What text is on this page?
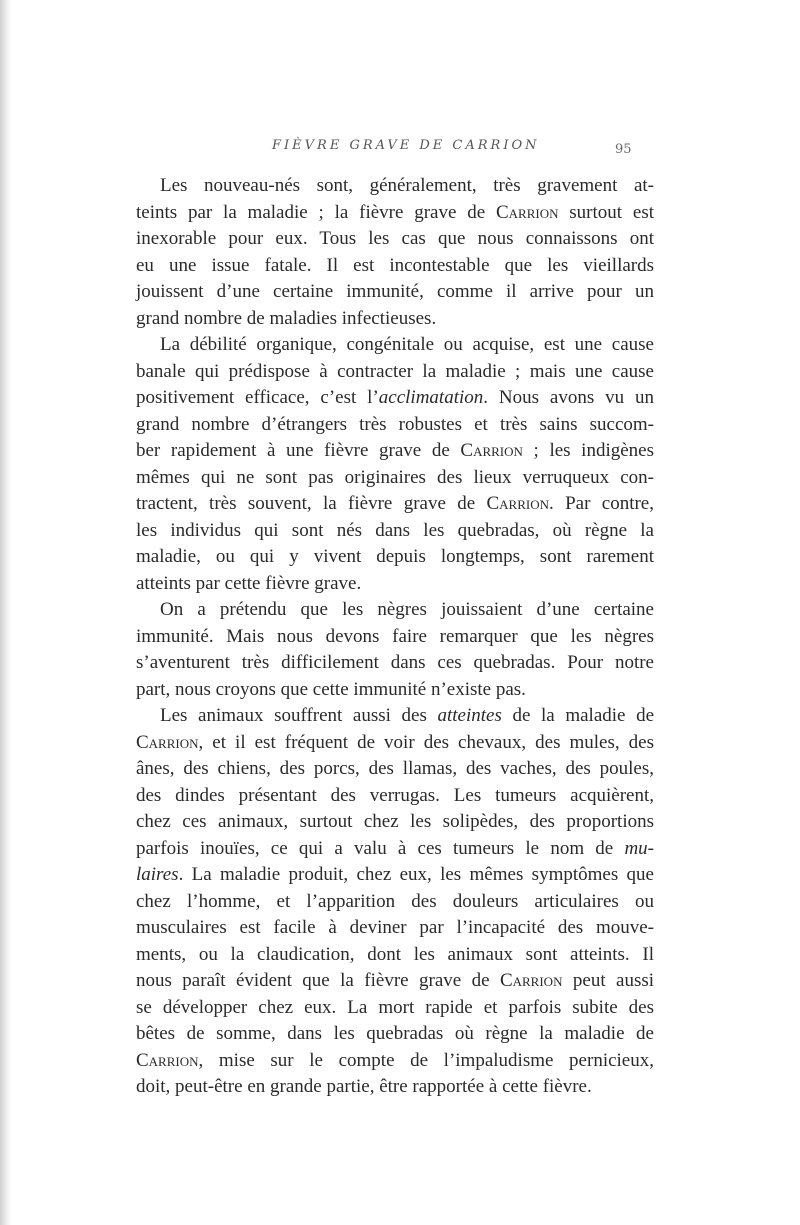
FIÈVRE GRAVE DE CARRION	95

Les nouveau-nés sont, généralement, très gravement at-
teints par la maladie ; la fièvre grave de Carrion surtout est
inexorable pour eux. Tous les cas que nous connaissons ont
eu une issue fatale. Il est incontestable que les vieillards
jouissent d’une certaine immunité, comme il arrive pour un
grand nombre de maladies infectieuses.

La débilité organique, congénitale ou acquise, est une cause
banale qui prédispose à contracter la maladie ; mais une cause
positivement efficace, c’est l’acclimatation. Nous avons vu un
grand nombre d’étrangers très robustes et très sains succom-
ber rapidement à une fièvre grave de Carrion ; les indigènes
mêmes qui ne sont pas originaires des lieux verruqueux con-
tractent, très souvent, la fièvre grave de Carrion. Par contre,
les individus qui sont nés dans les quebradas, où règne la
maladie, ou qui y vivent depuis longtemps, sont rarement
atteints par cette fièvre grave.

On a prétendu que les nègres jouissaient d’une certaine
immunité. Mais nous devons faire remarquer que les nègres
s’aventurent très difficilement dans ces quebradas. Pour notre
part, nous croyons que cette immunité n’existe pas.

Les animaux souffrent aussi des atteintes de la maladie de
Carrion, et il est fréquent de voir des chevaux, des mules, des
ânes, des chiens, des porcs, des llamas, des vaches, des poules,
des dindes présentant des verrugas. Les tumeurs acquièrent,
chez ces animaux, surtout chez les solipèdes, des proportions
parfois inouïes, ce qui a valu à ces tumeurs le nom de mu-
laires. La maladie produit, chez eux, les mêmes symptômes que
chez l’homme, et l’apparition des douleurs articulaires ou
musculaires est facile à deviner par l’incapacité des mouve-
ments, ou la claudication, dont les animaux sont atteints. Il
nous paraît évident que la fièvre grave de Carrion peut aussi
se développer chez eux. La mort rapide et parfois subite des
bêtes de somme, dans les quebradas où règne la maladie de
Carrion, mise sur le compte de l’impaludisme pernicieux,
doit, peut-être en grande partie, être rapportée à cette fièvre.
